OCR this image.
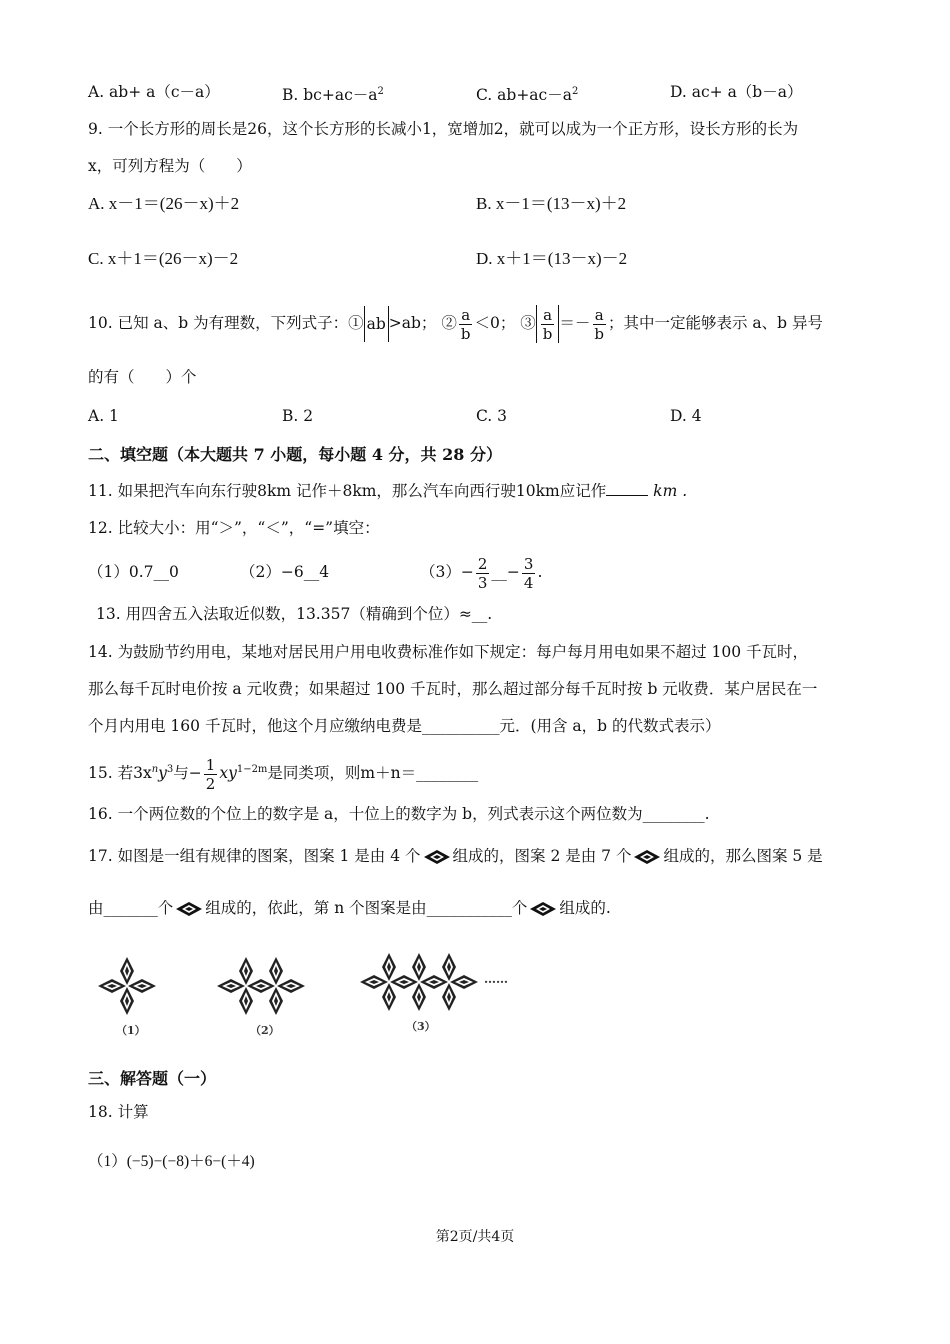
A. ab+ a（c－a）	B. $bc+ac-a^2$	C. $ab+ac-a^2$	D. ac+ a（b－a）
9. 一个长方形的周长是26，这个长方形的长减小1，宽增加2，就可以成为一个正方形，设长方形的长为
x，可列方程为（　　）
A. x－1＝(26－x)＋2	B. x－1＝(13－x)＋2
C. x＋1＝(26－x)－2	D. x＋1＝(13－x)－2
10. 已知 a、b 为有理数，下列式子：① ab >ab； ② $\frac{a}{b} <0$； ③ $\frac{a}{b} =- \frac{a}{b}$ ；其中一定能够表示 a、b 异号
的有（　　）个
A. 1	B. 2	C. 3	D. 4
二、填空题（本大题共 7 小题，每小题 4 分，共 28 分）
11. 如果把汽车向东行驶8km 记作＋8km，那么汽车向西行驶10km应记作	km .
12. 比较大小：用“＞”，“＜”，“=”填空：
（1）0.7__0	（2）−6__4	$(3)- \frac{2}{3}$ __− $\frac{3}{4}$ .
13. 用四舍五入法取近似数，13.357（精确到个位）≈__.
14. 为鼓励节约用电，某地对居民用户用电收费标准作如下规定：每户每月用电如果不超过 100 千瓦时，
那么每千瓦时电价按 a 元收费；如果超过 100 千瓦时，那么超过部分每千瓦时按 b 元收费．某户居民在一
个月内用电 160 千瓦时，他这个月应缴纳电费是__________元．(用含 a，b 的代数式表示）
15. 若$3x^ny^3$与− $\frac{1}{2} xy^{1-2m}$是同类项，则m＋n＝________
16. 一个两位数的个位上的数字是 a，十位上的数字为 b，列式表示这个两位数为________.
17. 如图是一组有规律的图案，图案 1 是由 4 个 组成的，图案 2 是由 7 个 组成的，那么图案 5 是
由_______个 组成的，依此，第 n 个图案是由___________个 组成的.
（1）	（2）
……
（3）
三、解答题（一）
18. 计算
（1）(−5)−(−8)＋6−(＋4)
第2页/共4页
